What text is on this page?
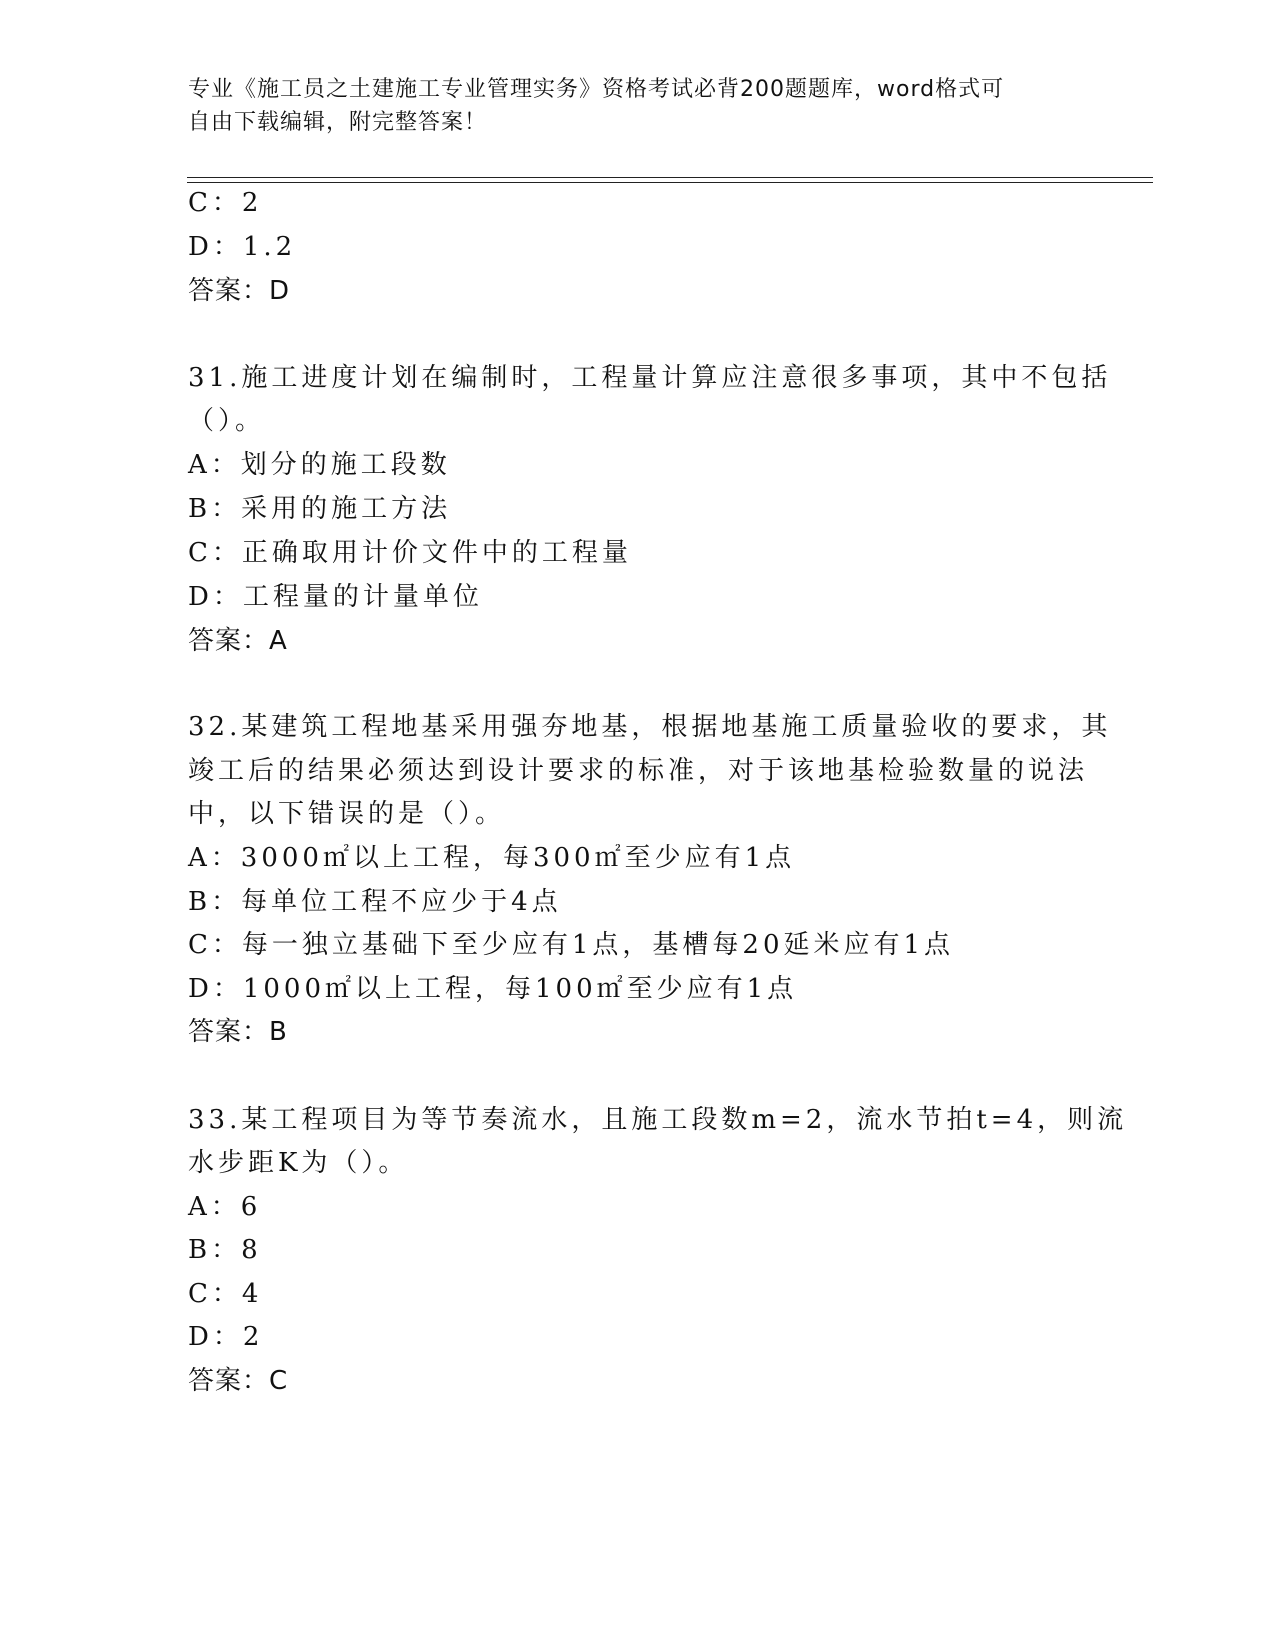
专业《施工员之土建施工专业管理实务》资格考试必背200题题库，word格式可
自由下载编辑，附完整答案！
C：2
D：1.2
答案：D
31.施工进度计划在编制时，工程量计算应注意很多事项，其中不包括
（）。
A：划分的施工段数
B：采用的施工方法
C：正确取用计价文件中的工程量
D：工程量的计量单位
答案：A
32.某建筑工程地基采用强夯地基，根据地基施工质量验收的要求，其
竣工后的结果必须达到设计要求的标准，对于该地基检验数量的说法
中，以下错误的是（）。
A：3000㎡以上工程，每300㎡至少应有1点
B：每单位工程不应少于4点
C：每一独立基础下至少应有1点，基槽每20延米应有1点
D：1000㎡以上工程，每100㎡至少应有1点
答案：B
33.某工程项目为等节奏流水，且施工段数m=2，流水节拍t=4，则流
水步距K为（）。
A：6
B：8
C：4
D：2
答案：C
